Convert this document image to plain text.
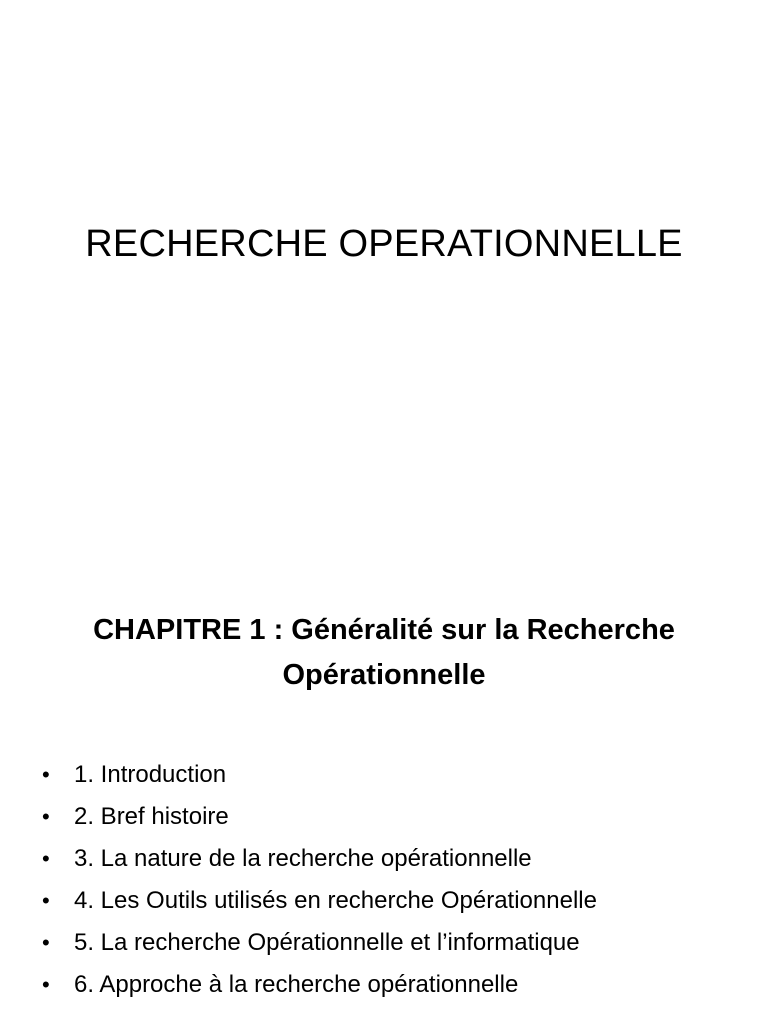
RECHERCHE OPERATIONNELLE
CHAPITRE 1 : Généralité sur la Recherche
Opérationnelle
•	1. Introduction
•	2. Bref histoire
•	3. La nature de la recherche opérationnelle
•	4. Les Outils utilisés en recherche Opérationnelle
•	5. La recherche Opérationnelle et l’informatique
•	6. Approche à la recherche opérationnelle
